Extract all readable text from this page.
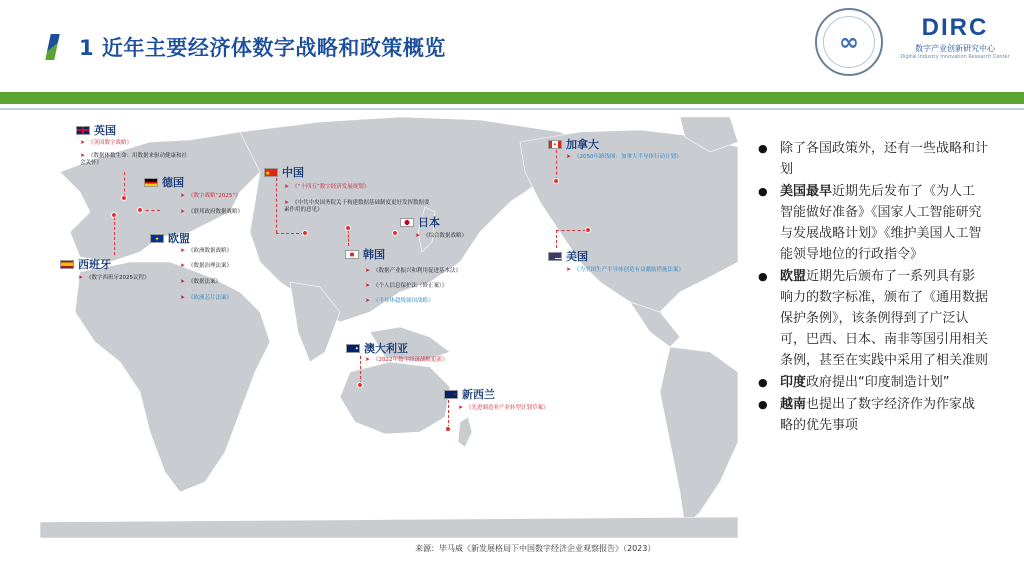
1 近年主要经济体数字战略和政策概览	∞
DIRC
数字产业创新研究中心
Digital Industry Innovation Research Center
英国
➤ 《英国数字战略》
➤ 《数据体数生命：用数据来驱动健康和社会关怀》
德国
➤ 《数字战略“2025”》
➤ 《联邦政府数据战略》
✦ 欧盟
➤ 《欧洲数据战略》
➤ 《数据治理法案》
➤ 《数据法案》
➤ 《欧洲芯片法案》
西班牙
➤ 《数字西班牙2025议程》
★	中国
➤ 《“十四五”数字经济发展规划》
➤ 《中共中央国务院关于构建数据基础制度更好发挥数据要素作用的意见》
日本
➤ 《综合数据战略》
韩国
➤ 《数据产业振兴和利用促进基本法》
➤ 《个人信息保护法（修正案）》
➤ 《半导体超级强国战略》
✦ 澳大利亚
➤ 《2022年数字经济战略更新》
✦ 新西兰
➤ 《先进制造业产业转型计划草案》
✦ 加拿大
➤ 《2050年路线图：加拿大半导体行动计划》
美国
➤ 《为美国生产半导体创造有益激励措施法案》
● 除了各国政策外，还有一些战略和计划
● 美国最早近期先后发布了《为人工智能做好准备》《国家人工智能研究与发展战略计划》《维护美国人工智能领导地位的行政指令》
● 欧盟近期先后颁布了一系列具有影响力的数字标准，颁布了《通用数据保护条例》，该条例得到了广泛认可，巴西、日本、南非等国引用相关条例，甚至在实践中采用了相关准则
● 印度政府提出“印度制造计划”
● 越南也提出了数字经济作为作家战略的优先事项
来源：毕马威《新发展格局下中国数字经济企业观察报告》（2023）
